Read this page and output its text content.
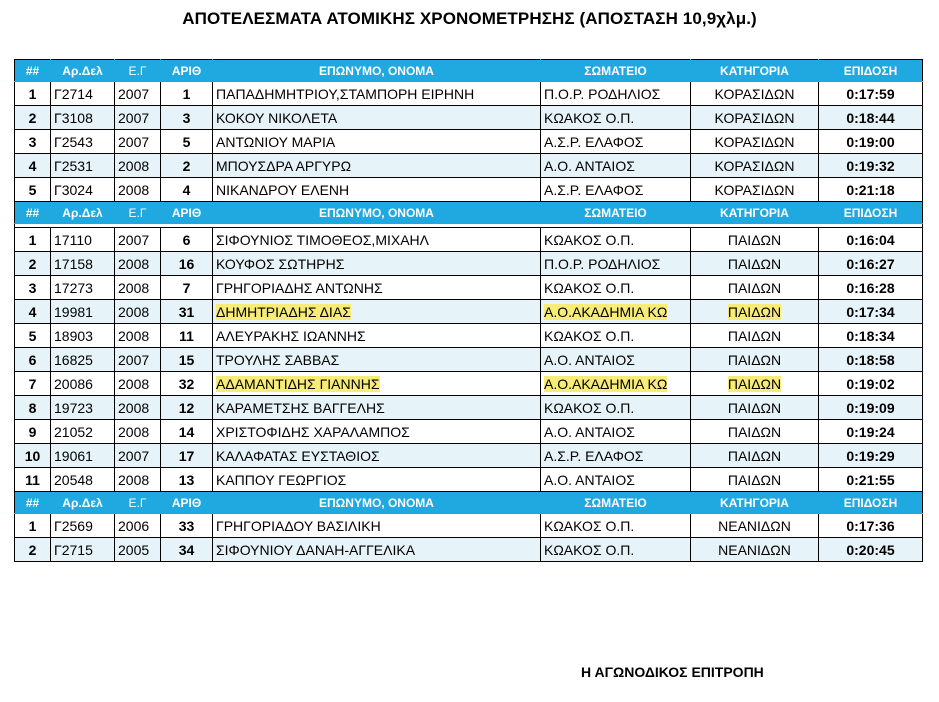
ΑΠΟΤΕΛΕΣΜΑΤΑ ΑΤΟΜΙΚΗΣ ΧΡΟΝΟΜΕΤΡΗΣΗΣ (ΑΠΟΣΤΑΣΗ 10,9χλμ.)
##	Αρ.Δελ	Ε.Γ	ΑΡΙΘ	ΕΠΩΝΥΜΟ, ΟΝΟΜΑ	ΣΩΜΑΤΕΙΟ	ΚΑΤΗΓΟΡΙΑ	ΕΠΙΔΟΣΗ
1	Γ2714	2007	1	ΠΑΠΑΔΗΜΗΤΡΙΟΥ,ΣΤΑΜΠΟΡΗ ΕΙΡΗΝΗ	Π.Ο.Ρ. ΡΟΔΗΛΙΟΣ	ΚΟΡΑΣΙΔΩΝ	0:17:59
2	Γ3108	2007	3	ΚΟΚΟΥ ΝΙΚΟΛΕΤΑ	ΚΩΑΚΟΣ Ο.Π.	ΚΟΡΑΣΙΔΩΝ	0:18:44
3	Γ2543	2007	5	ΑΝΤΩΝΙΟΥ ΜΑΡΙΑ	Α.Σ.Ρ. ΕΛΑΦΟΣ	ΚΟΡΑΣΙΔΩΝ	0:19:00
4	Γ2531	2008	2	ΜΠΟΥΣΔΡΑ ΑΡΓΥΡΩ	Α.Ο. ΑΝΤΑΙΟΣ	ΚΟΡΑΣΙΔΩΝ	0:19:32
5	Γ3024	2008	4	ΝΙΚΑΝΔΡΟΥ ΕΛΕΝΗ	Α.Σ.Ρ. ΕΛΑΦΟΣ	ΚΟΡΑΣΙΔΩΝ	0:21:18
##	Αρ.Δελ	Ε.Γ	ΑΡΙΘ	ΕΠΩΝΥΜΟ, ΟΝΟΜΑ	ΣΩΜΑΤΕΙΟ	ΚΑΤΗΓΟΡΙΑ	ΕΠΙΔΟΣΗ

1	17110	2007	6	ΣΙΦΟΥΝΙΟΣ ΤΙΜΟΘΕΟΣ,ΜΙΧΑΗΛ	ΚΩΑΚΟΣ Ο.Π.	ΠΑΙΔΩΝ	0:16:04
2	17158	2008	16	ΚΟΥΦΟΣ ΣΩΤΗΡΗΣ	Π.Ο.Ρ. ΡΟΔΗΛΙΟΣ	ΠΑΙΔΩΝ	0:16:27
3	17273	2008	7	ΓΡΗΓΟΡΙΑΔΗΣ ΑΝΤΩΝΗΣ	ΚΩΑΚΟΣ Ο.Π.	ΠΑΙΔΩΝ	0:16:28
4	19981	2008	31	ΔΗΜΗΤΡΙΑΔΗΣ ΔΙΑΣ	Α.Ο.ΑΚΑΔΗΜΙΑ ΚΩ	ΠΑΙΔΩΝ	0:17:34
5	18903	2008	11	ΑΛΕΥΡΑΚΗΣ ΙΩΑΝΝΗΣ	ΚΩΑΚΟΣ Ο.Π.	ΠΑΙΔΩΝ	0:18:34
6	16825	2007	15	ΤΡΟΥΛΗΣ ΣΑΒΒΑΣ	Α.Ο. ΑΝΤΑΙΟΣ	ΠΑΙΔΩΝ	0:18:58
7	20086	2008	32	ΑΔΑΜΑΝΤΙΔΗΣ ΓΙΑΝΝΗΣ	Α.Ο.ΑΚΑΔΗΜΙΑ ΚΩ	ΠΑΙΔΩΝ	0:19:02
8	19723	2008	12	ΚΑΡΑΜΕΤΣΗΣ ΒΑΓΓΕΛΗΣ	ΚΩΑΚΟΣ Ο.Π.	ΠΑΙΔΩΝ	0:19:09
9	21052	2008	14	ΧΡΙΣΤΟΦΙΔΗΣ ΧΑΡΑΛΑΜΠΟΣ	Α.Ο. ΑΝΤΑΙΟΣ	ΠΑΙΔΩΝ	0:19:24
10	19061	2007	17	ΚΑΛΑΦΑΤΑΣ ΕΥΣΤΑΘΙΟΣ	Α.Σ.Ρ. ΕΛΑΦΟΣ	ΠΑΙΔΩΝ	0:19:29
11	20548	2008	13	ΚΑΠΠΟΥ ΓΕΩΡΓΙΟΣ	Α.Ο. ΑΝΤΑΙΟΣ	ΠΑΙΔΩΝ	0:21:55
##	Αρ.Δελ	Ε.Γ	ΑΡΙΘ	ΕΠΩΝΥΜΟ, ΟΝΟΜΑ	ΣΩΜΑΤΕΙΟ	ΚΑΤΗΓΟΡΙΑ	ΕΠΙΔΟΣΗ
1	Γ2569	2006	33	ΓΡΗΓΟΡΙΑΔΟΥ ΒΑΣΙΛΙΚΗ	ΚΩΑΚΟΣ Ο.Π.	ΝΕΑΝΙΔΩΝ	0:17:36
2	Γ2715	2005	34	ΣΙΦΟΥΝΙΟΥ ΔΑΝΑΗ-ΑΓΓΕΛΙΚΑ	ΚΩΑΚΟΣ Ο.Π.	ΝΕΑΝΙΔΩΝ	0:20:45
Η ΑΓΩΝΟΔΙΚΟΣ ΕΠΙΤΡΟΠΗ
